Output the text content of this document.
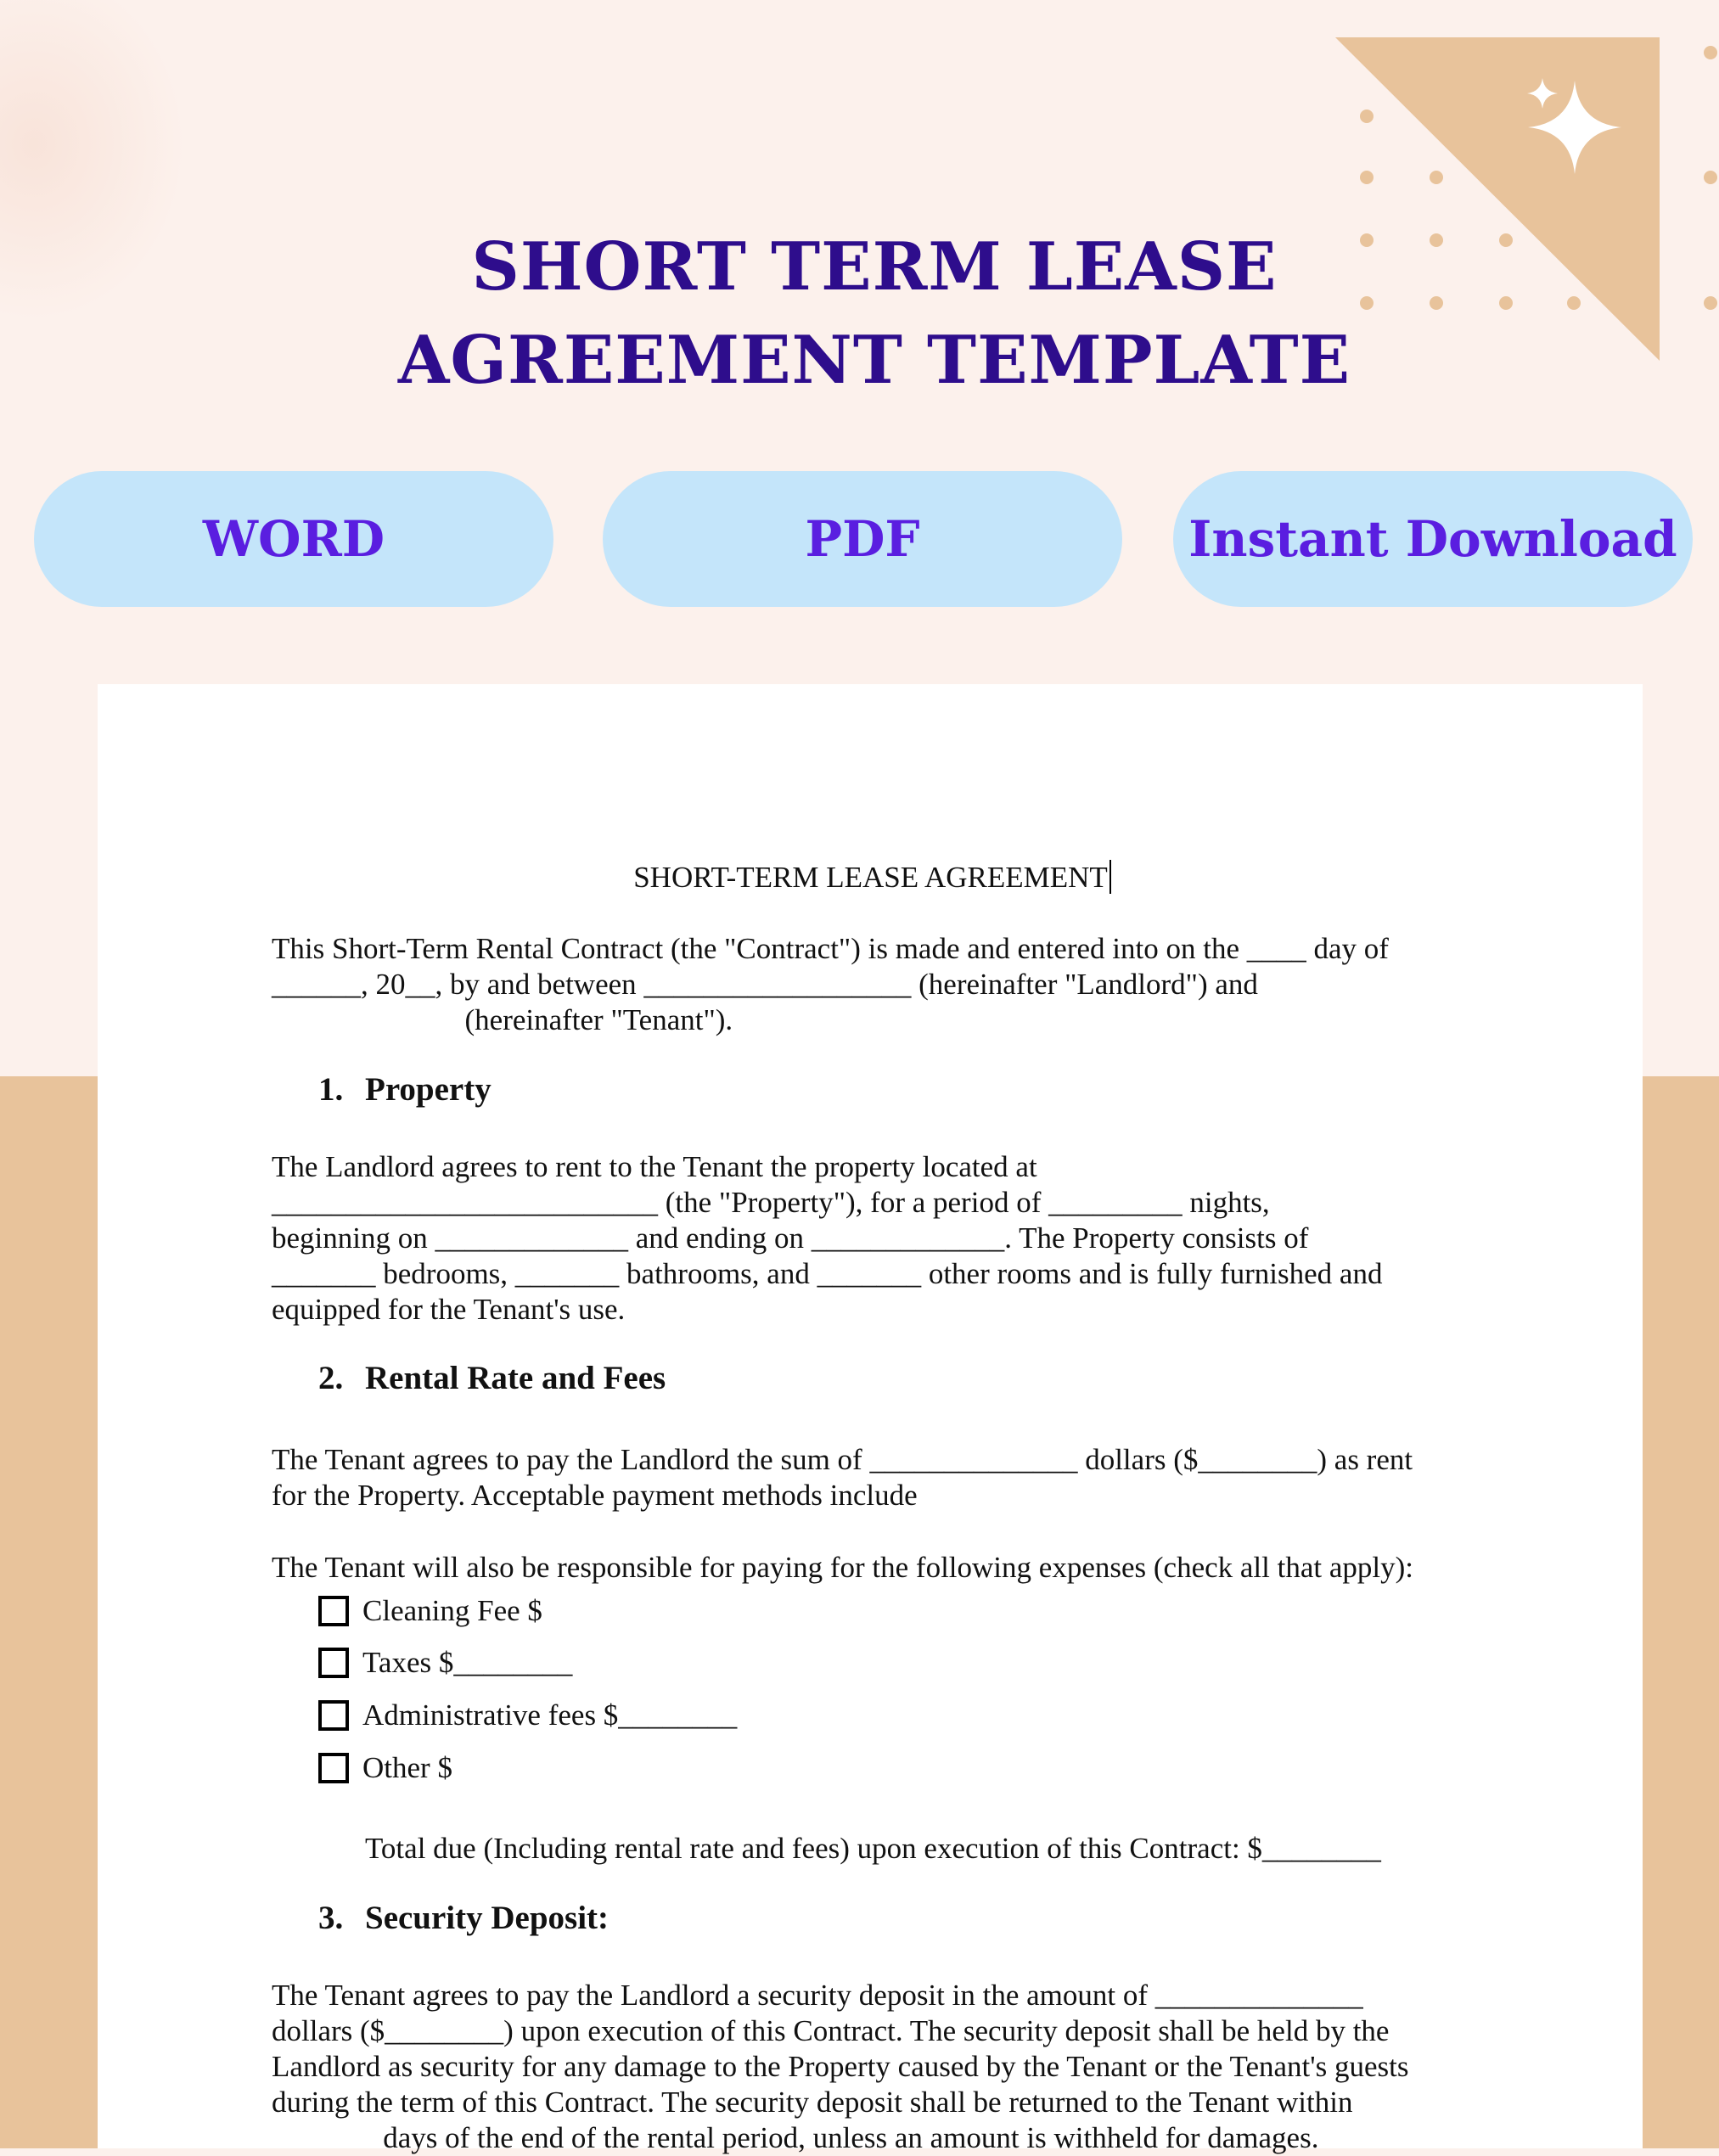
SHORT TERM LEASE
AGREEMENT TEMPLATE
WORD	PDF	Instant Download
SHORT-TERM LEASE AGREEMENT
This Short-Term Rental Contract (the "Contract") is made and entered into on the ____ day of
______, 20__, by and between __________________ (hereinafter "Landlord") and
(hereinafter "Tenant").
1. Property
The Landlord agrees to rent to the Tenant the property located at
__________________________ (the "Property"), for a period of _________ nights,
beginning on _____________ and ending on _____________. The Property consists of
_______ bedrooms, _______ bathrooms, and _______ other rooms and is fully furnished and
equipped for the Tenant's use.
2. Rental Rate and Fees
The Tenant agrees to pay the Landlord the sum of ______________ dollars ($________) as rent
for the Property. Acceptable payment methods include
The Tenant will also be responsible for paying for the following expenses (check all that apply):
Cleaning Fee $
Taxes $________
Administrative fees $________
Other $
Total due (Including rental rate and fees) upon execution of this Contract: $________
3. Security Deposit:
The Tenant agrees to pay the Landlord a security deposit in the amount of ______________
dollars ($________) upon execution of this Contract. The security deposit shall be held by the
Landlord as security for any damage to the Property caused by the Tenant or the Tenant's guests
during the term of this Contract. The security deposit shall be returned to the Tenant within
days of the end of the rental period, unless an amount is withheld for damages.
